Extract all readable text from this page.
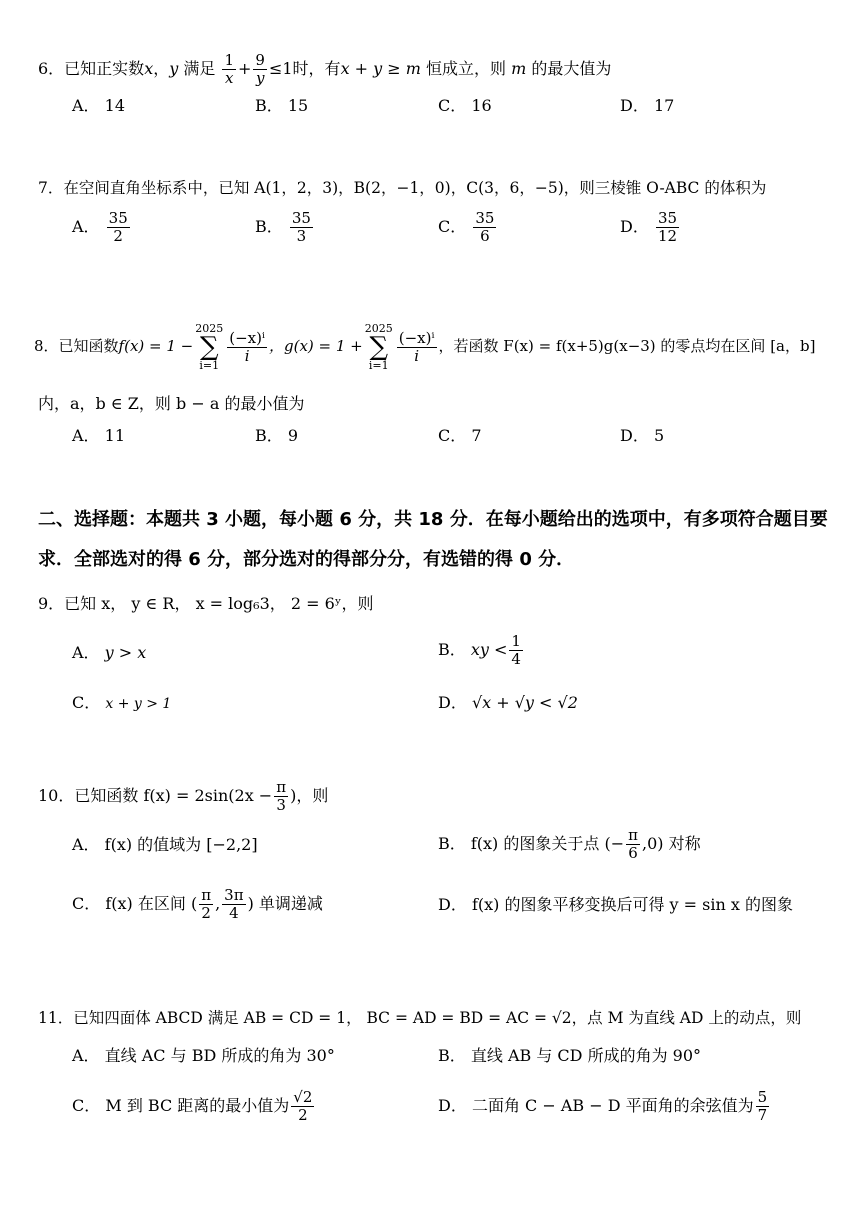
6．已知正实数x，y 满足 $\frac{1}{x} + \frac{9}{y} \le 1$时，有x + y ≥ m 恒成立，则 m 的最大值为
A． 14	B． 15	C． 16	D． 17
7．在空间直角坐标系中，已知 A(1，2，3)，B(2，−1，0)，C(3，6，−5)，则三棱锥 O-ABC 的体积为
A． $\frac{35}{2}$	B． $\frac{35}{3}$	C． $\frac{35}{6}$	D． $\frac{35}{12}$
8．已知函数f(x) = 1 −2025
∑
i=1
$\frac{\text{(−x)ⁱ}}{i}$ ，g(x) = 1 +2025
∑
i=1
$\frac{\text{(−x)ⁱ}}{i}$ ，若函数 F(x) = f(x+5)g(x−3) 的零点均在区间 [a，b]
内，a，b ∈ Z，则 b − a 的最小值为
A． 11	B． 9	C． 7	D． 5
二、选择题：本题共 3 小题，每小题 6 分，共 18 分．在每小题给出的选项中，有多项符合题目要求．全部选对的得 6 分，部分选对的得部分分，有选错的得 0 分．
9．已知 x， y ∈ R， x = log₆3， 2 = 6ʸ，则
A． y > x	B． xy < $\frac{1}{4}$
C． x + y > 1	D． √x + √y < √2
10．已知函数 $f(x) = 2\sin(2x - \frac{\pi}{3}$ )，则
A． f(x) 的值域为 [−2,2]	B． f(x) 的图象关于点 (− $\frac{\pi}{6} ,0$) 对称
C． f(x) 在区间 ( $\frac{\pi}{2}$ , $\frac{3\pi}{4}$ ) 单调递减	D． f(x) 的图象平移变换后可得 y = sin x 的图象
11．已知四面体 ABCD 满足 AB = CD = 1， BC = AD = BD = AC = √2，点 M 为直线 AD 上的动点，则
A． 直线 AC 与 BD 所成的角为 30°	B． 直线 AB 与 CD 所成的角为 90°
C． M 到 BC 距离的最小值为 $\frac{√2}{2}$	D． 二面角 C − AB − D 平面角的余弦值为 $\frac{5}{7}$
